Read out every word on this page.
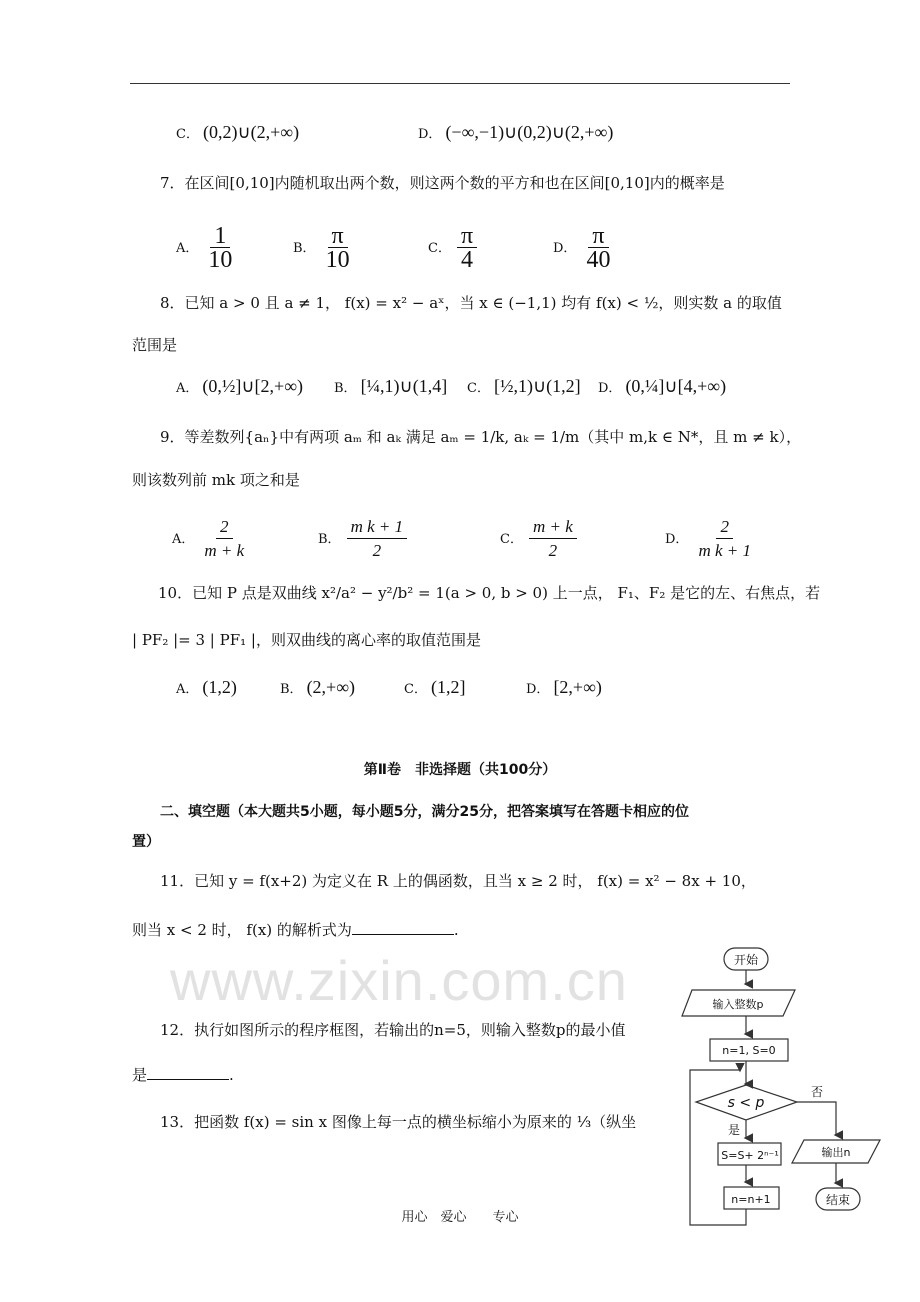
www.zixin.com.cn
C． (0,2)∪(2,+∞)	D． (−∞,−1)∪(0,2)∪(2,+∞)
7．在区间[0,10]内随机取出两个数，则这两个数的平方和也在区间[0,10]内的概率是
A． $\frac{1}{10}$	B． $\frac{\pi}{10}$	C． $\frac{\pi}{4}$	D． $\frac{\pi}{40}$
8．已知 a > 0 且 a ≠ 1， f(x) = x² − aˣ，当 x ∈ (−1,1) 均有 f(x) < ½，则实数 a 的取值
范围是
A． (0,½]∪[2,+∞) B． [¼,1)∪(1,4] C． [½,1)∪(1,2] D． (0,¼]∪[4,+∞)
9．等差数列{aₙ}中有两项 aₘ 和 aₖ 满足 aₘ = 1/k, aₖ = 1/m（其中 m,k ∈ N*，且 m ≠ k），
则该数列前 mk 项之和是
A． $\frac{2}{m + k}$	B． $\frac{\text{m k + 1}}{2}$	C． $\frac{m + k}{2}$	D． $\frac{2}{\text{m k + 1}}$
10．已知 P 点是双曲线 x²/a² − y²/b² = 1(a > 0, b > 0) 上一点， F₁、F₂ 是它的左、右焦点，若
| PF₂ |= 3 | PF₁ |，则双曲线的离心率的取值范围是
A． (1,2)	B． (2,+∞)	C． (1,2]	D． [2,+∞)
第Ⅱ卷　非选择题（共100分）
二、填空题（本大题共5小题，每小题5分，满分25分，把答案填写在答题卡相应的位
置）
11．已知 y = f(x+2) 为定义在 R 上的偶函数，且当 x ≥ 2 时， f(x) = x² − 8x + 10，
则当 x < 2 时， f(x) 的解析式为	.
12．执行如图所示的程序框图，若输出的n=5，则输入整数p的最小值
是	.
13．把函数 f(x) = sin x 图像上每一点的横坐标缩小为原来的 ⅓（纵坐
开始
输入整数p
n=1, S=0
s < p
否
是
S=S+ 2ⁿ⁻¹
n=n+1
输出n
结束
用心　爱心　　专心
